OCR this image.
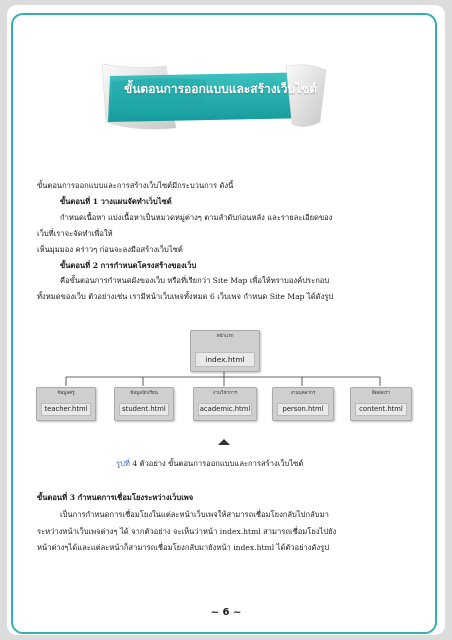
ขั้นตอนการออกแบบและสร้างเว็บไซต์
ขั้นตอนการออกแบบและการสร้างเว็บไซต์มีกระบวนการ ดังนี้
ขั้นตอนที่ 1 วางแผนจัดทำเว็บไซต์
กำหนดเนื้อหา แบ่งเนื้อหาเป็นหมวดหมู่ต่างๆ ตามลำดับก่อนหลัง และรายละเอียดของ
เว็บที่เราจะจัดทำเพื่อให้
เห็นมุมมอง คร่าวๆ ก่อนจะลงมือสร้างเว็บไซต์
ขั้นตอนที่ 2 การกำหนดโครงสร้างของเว็บ
คือขั้นตอนการกำหนดผังของเว็บ หรือที่เรียกว่า Site Map เพื่อให้ทราบองค์ประกอบ
ทั้งหมดของเว็บ ตัวอย่างเช่น เรามีหน้าเว็บเพจทั้งหมด 6 เว็บเพจ กำหนด Site Map ได้ดังรูป
หน้าแรก
index.html
ข้อมูลครู
teacher.html
ข้อมูลนักเรียน
student.html
งานวิชาการ
academic.html
งานบุคลากร
person.html
ติดต่อเรา
content.html
รูปที่ 4 ตัวอย่าง ขั้นตอนการออกแบบและการสร้างเว็บไซต์
ขั้นตอนที่ 3 กำหนดการเชื่อมโยงระหว่างเว็บเพจ
เป็นการกำหนดการเชื่อมโยงในแต่ละหน้าเว็บเพจให้สามารถเชื่อมโยงกลับไปกลับมา
ระหว่างหน้าเว็บเพจต่างๆ ได้ จากตัวอย่าง จะเห็นว่าหน้า index.html สามารถเชื่อมโยงไปยัง
หน้าต่างๆได้และแต่ละหน้าก็สามารถเชื่อมโยงกลับมายังหน้า index.html ได้ตัวอย่างดังรูป
~ 6 ~
